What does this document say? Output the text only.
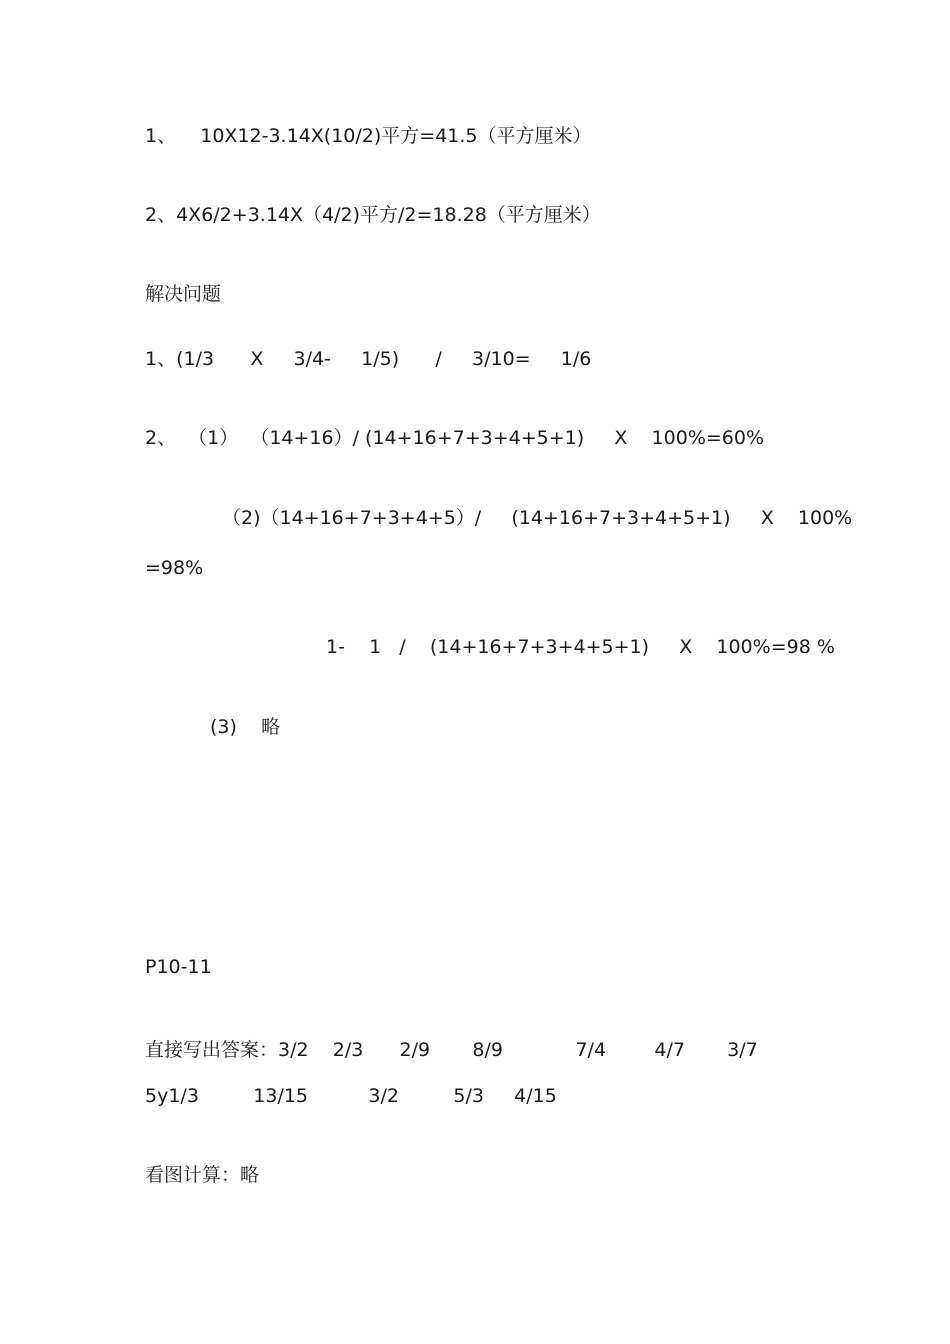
1、    10X12-3.14X(10/2)平方=41.5（平方厘米）
2、4X6/2+3.14X（4/2)平方/2=18.28（平方厘米）
解决问题
1、(1/3      X     3/4-     1/5)      /     3/10=     1/6
2、  （1）  （14+16）/ (14+16+7+3+4+5+1)     X    100%=60%
（2)（14+16+7+3+4+5）/     (14+16+7+3+4+5+1)     X    100%
=98%
1-    1   /    (14+16+7+3+4+5+1)     X    100%=98 %
(3)    略
P10-11
直接写出答案：3/2    2/3      2/9       8/9            7/4        4/7       3/7
5y1/3         13/15          3/2         5/3     4/15
看图计算：略
